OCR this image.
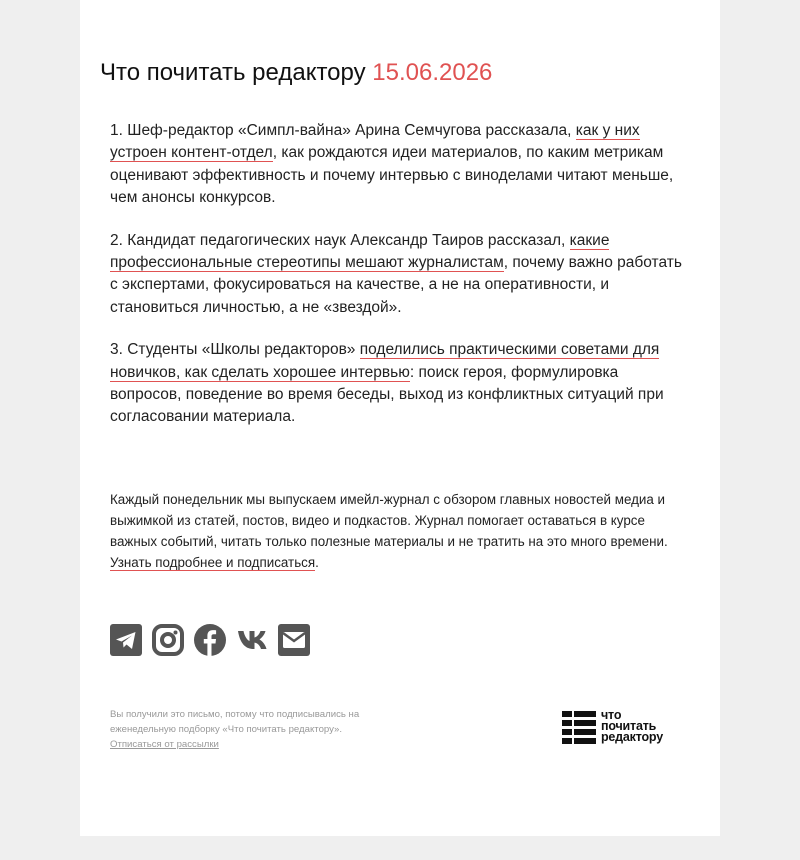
Что почитать редактору 15.06.2026

1. Шеф-редактор «Симпл-вайна» Арина Семчугова рассказала, как у них устроен контент-отдел, как рождаются идеи материалов, по каким метрикам оценивают эффективность и почему интервью с виноделами читают меньше, чем анонсы конкурсов.

2. Кандидат педагогических наук Александр Таиров рассказал, какие профессиональные стереотипы мешают журналистам, почему важно работать с экспертами, фокусироваться на качестве, а не на оперативности, и становиться личностью, а не «звездой».

3. Студенты «Школы редакторов» поделились практическими советами для новичков, как сделать хорошее интервью: поиск героя, формулировка вопросов, поведение во время беседы, выход из конфликтных ситуаций при согласовании материала.

Каждый понедельник мы выпускаем имейл-журнал с обзором главных новостей медиа и выжимкой из статей, постов, видео и подкастов. Журнал помогает оставаться в курсе важных событий, читать только полезные материалы и не тратить на это много времени. Узнать подробнее и подписаться.

Вы получили это письмо, потому что подписывались на еженедельную подборку «Что почитать редактору».
Отписаться от рассылки

что
почитать
редактору
